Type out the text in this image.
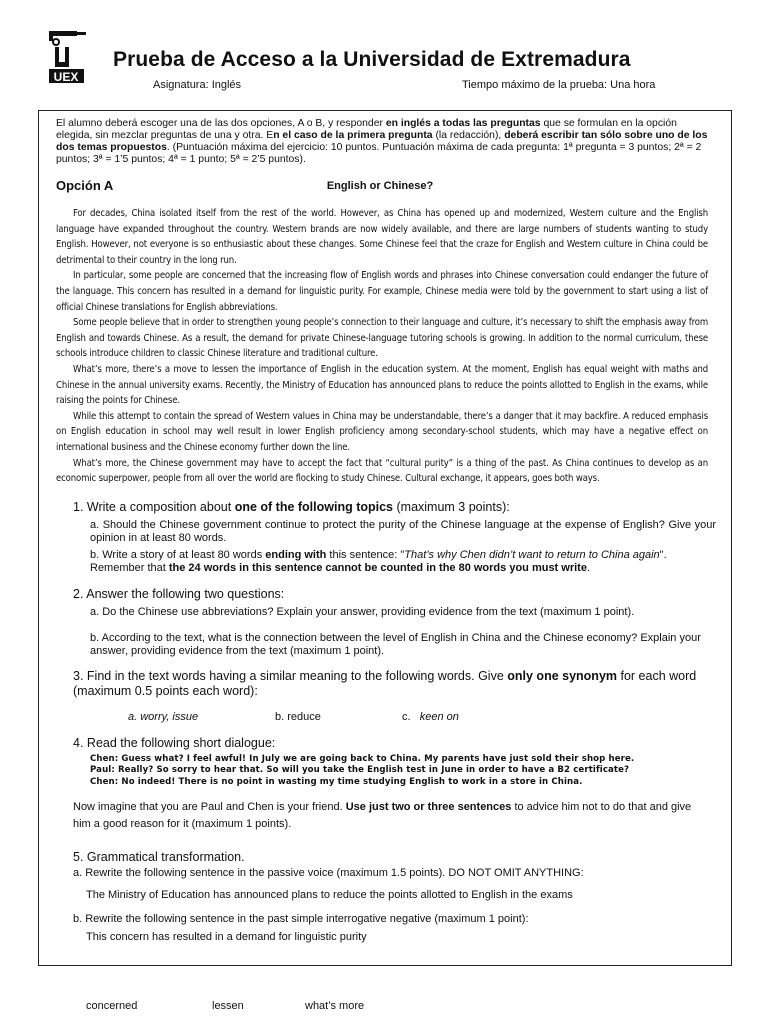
UEX
Prueba de Acceso a la Universidad de Extremadura
Asignatura: Inglés	Tiempo máximo de la prueba: Una hora
El alumno deberá escoger una de las dos opciones, A o B, y responder en inglés a todas las preguntas que se formulan en la opción elegida, sin mezclar preguntas de una y otra. En el caso de la primera pregunta (la redacción), deberá escribir tan sólo sobre uno de los dos temas propuestos. (Puntuación máxima del ejercicio: 10 puntos. Puntuación máxima de cada pregunta: 1ª pregunta = 3 puntos; 2ª = 2 puntos; 3ª = 1’5 puntos; 4ª = 1 punto; 5ª = 2’5 puntos).
Opción A	English or Chinese?

For decades, China isolated itself from the rest of the world. However, as China has opened up and modernized, Western culture and the English language have expanded throughout the country. Western brands are now widely available, and there are large numbers of students wanting to study English. However, not everyone is so enthusiastic about these changes. Some Chinese feel that the craze for English and Western culture in China could be detrimental to their country in the long run.

In particular, some people are concerned that the increasing flow of English words and phrases into Chinese conversation could endanger the future of the language. This concern has resulted in a demand for linguistic purity. For example, Chinese media were told by the government to start using a list of official Chinese translations for English abbreviations.

Some people believe that in order to strengthen young people’s connection to their language and culture, it’s necessary to shift the emphasis away from English and towards Chinese. As a result, the demand for private Chinese-language tutoring schools is growing. In addition to the normal curriculum, these schools introduce children to classic Chinese literature and traditional culture.

What’s more, there’s a move to lessen the importance of English in the education system. At the moment, English has equal weight with maths and Chinese in the annual university exams. Recently, the Ministry of Education has announced plans to reduce the points allotted to English in the exams, while raising the points for Chinese.

While this attempt to contain the spread of Western values in China may be understandable, there’s a danger that it may backfire. A reduced emphasis on English education in school may well result in lower English proficiency among secondary-school students, which may have a negative effect on international business and the Chinese economy further down the line.

What’s more, the Chinese government may have to accept the fact that “cultural purity” is a thing of the past. As China continues to develop as an economic superpower, people from all over the world are flocking to study Chinese. Cultural exchange, it appears, goes both ways.

1. Write a composition about one of the following topics (maximum 3 points):
a. Should the Chinese government continue to protect the purity of the Chinese language at the expense of English? Give your opinion in at least 80 words.
b. Write a story of at least 80 words ending with this sentence: "That’s why Chen didn’t want to return to China again". Remember that the 24 words in this sentence cannot be counted in the 80 words you must write.
2. Answer the following two questions:
a. Do the Chinese use abbreviations? Explain your answer, providing evidence from the text (maximum 1 point).
b. According to the text, what is the connection between the level of English in China and the Chinese economy? Explain your answer, providing evidence from the text (maximum 1 point).
3. Find in the text words having a similar meaning to the following words. Give only one synonym for each word (maximum 0.5 points each word):
a. worry, issue	b. reduce	c. keen on
4. Read the following short dialogue:
Chen: Guess what? I feel awful! In July we are going back to China. My parents have just sold their shop here.
Paul: Really? So sorry to hear that. So will you take the English test in June in order to have a B2 certificate?
Chen: No indeed! There is no point in wasting my time studying English to work in a store in China.
Now imagine that you are Paul and Chen is your friend. Use just two or three sentences to advice him not to do that and give him a good reason for it (maximum 1 points).
5. Grammatical transformation.
a. Rewrite the following sentence in the passive voice (maximum 1.5 points). DO NOT OMIT ANYTHING:
The Ministry of Education has announced plans to reduce the points allotted to English in the exams
b. Rewrite the following sentence in the past simple interrogative negative (maximum 1 point):
This concern has resulted in a demand for linguistic purity
concerned	lessen	what’s more
